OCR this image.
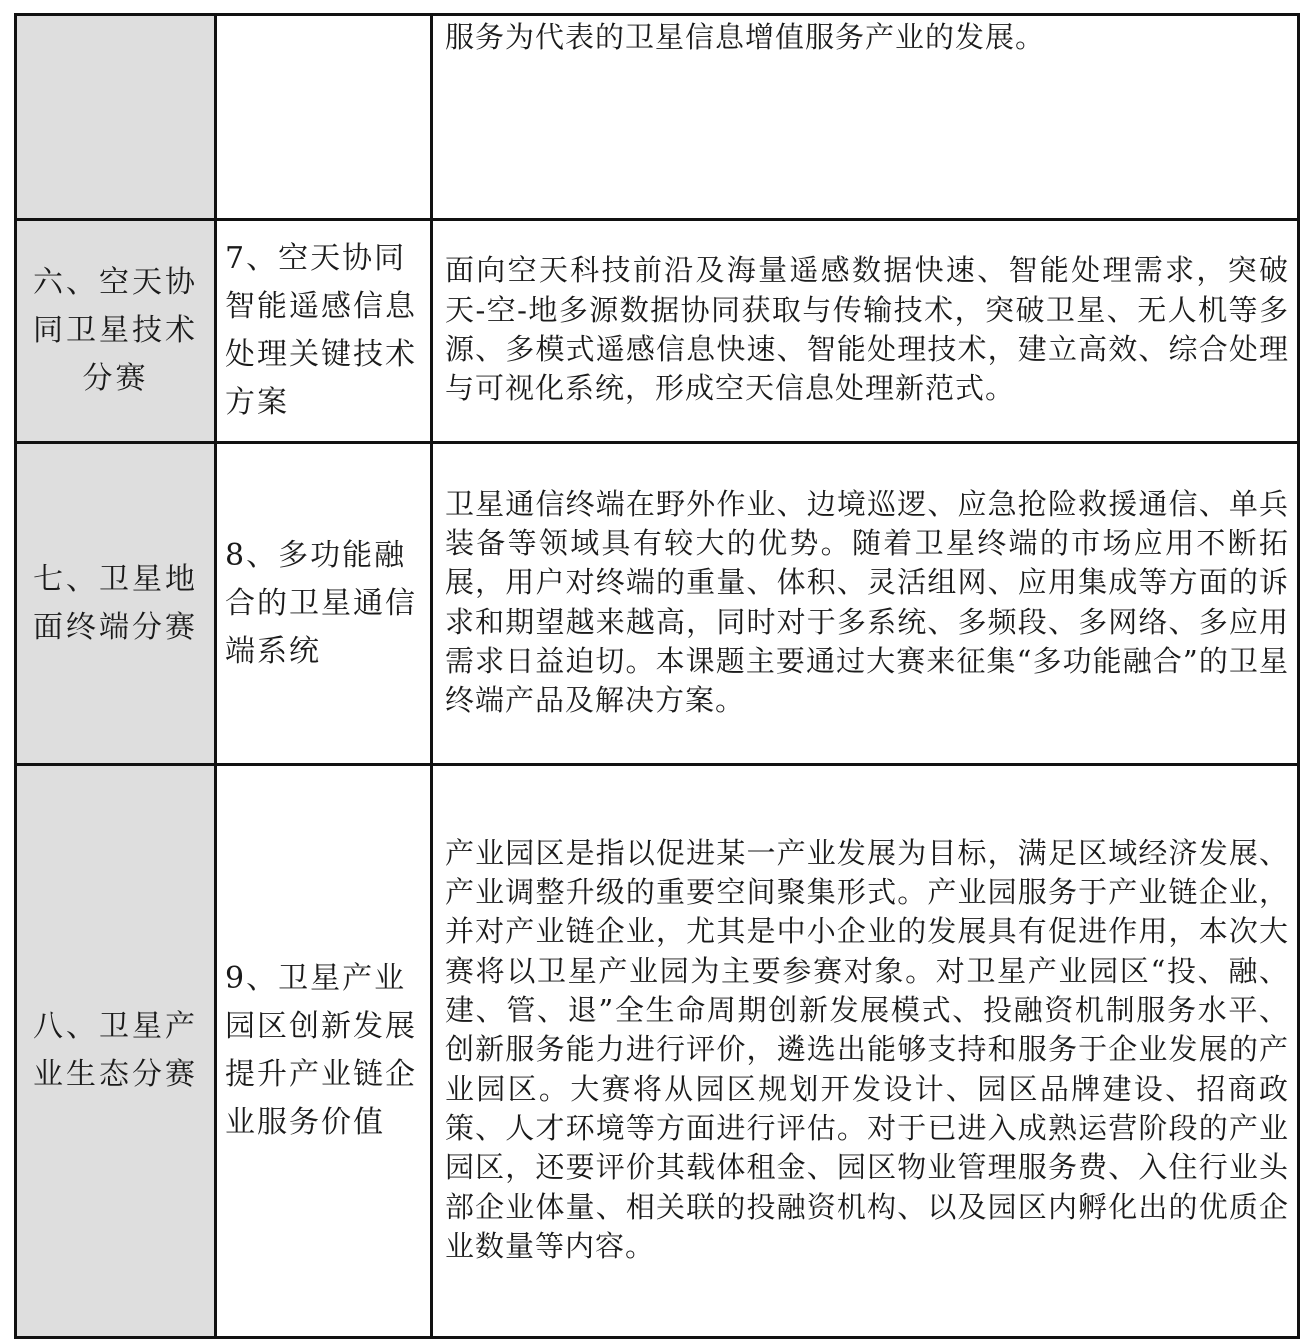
		服务为代表的卫星信息增值服务产业的发展。
六、空天协同卫星技术分赛	7、空天协同智能遥感信息处理关键技术方案	面向空天科技前沿及海量遥感数据快速、智能处理需求，突破天-空-地多源数据协同获取与传输技术，突破卫星、无人机等多源、多模式遥感信息快速、智能处理技术，建立高效、综合处理与可视化系统，形成空天信息处理新范式。
七、卫星地面终端分赛	8、多功能融合的卫星通信端系统	卫星通信终端在野外作业、边境巡逻、应急抢险救援通信、单兵装备等领域具有较大的优势。随着卫星终端的市场应用不断拓展，用户对终端的重量、体积、灵活组网、应用集成等方面的诉求和期望越来越高，同时对于多系统、多频段、多网络、多应用需求日益迫切。本课题主要通过大赛来征集“多功能融合”的卫星终端产品及解决方案。
八、卫星产业生态分赛	9、卫星产业园区创新发展提升产业链企业服务价值	产业园区是指以促进某一产业发展为目标，满足区域经济发展、产业调整升级的重要空间聚集形式。产业园服务于产业链企业，并对产业链企业，尤其是中小企业的发展具有促进作用，本次大赛将以卫星产业园为主要参赛对象。对卫星产业园区“投、融、建、管、退”全生命周期创新发展模式、投融资机制服务水平、创新服务能力进行评价，遴选出能够支持和服务于企业发展的产业园区。大赛将从园区规划开发设计、园区品牌建设、招商政策、人才环境等方面进行评估。对于已进入成熟运营阶段的产业园区，还要评价其载体租金、园区物业管理服务费、入住行业头部企业体量、相关联的投融资机构、以及园区内孵化出的优质企业数量等内容。
